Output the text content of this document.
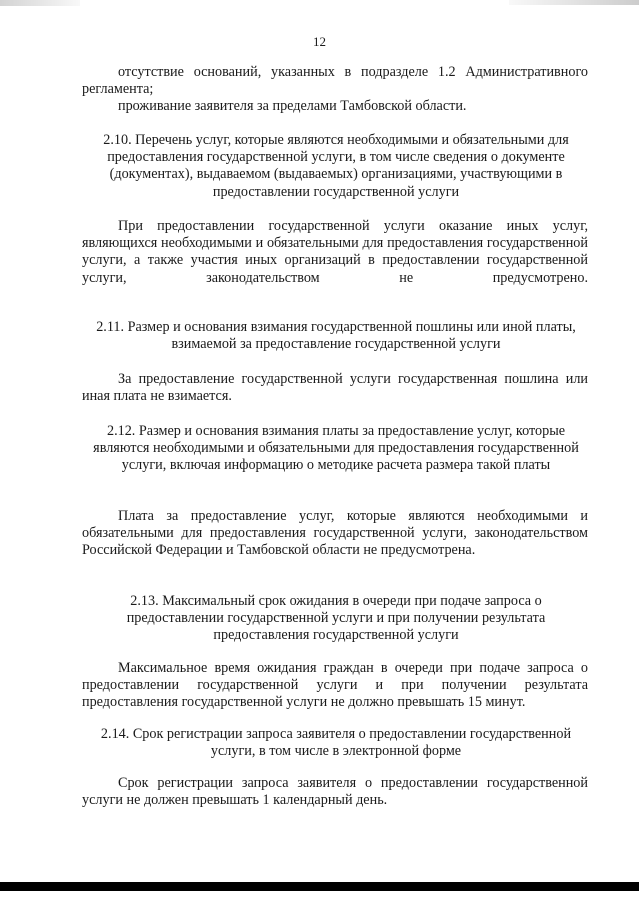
12

отсутствие оснований, указанных в подразделе 1.2 Административного регламента;

проживание заявителя за пределами Тамбовской области.

2.10. Перечень услуг, которые являются необходимыми и обязательными для предоставления государственной услуги, в том числе сведения о документе (документах), выдаваемом (выдаваемых) организациями, участвующими в предоставлении государственной услуги

При предоставлении государственной услуги оказание иных услуг, являющихся необходимыми и обязательными для предоставления государственной услуги, а также участия иных организаций в предоставлении государственной услуги, законодательством не предусмотрено.

2.11. Размер и основания взимания государственной пошлины или иной платы, взимаемой за предоставление государственной услуги

За предоставление государственной услуги государственная пошлина или иная плата не взимается.

2.12. Размер и основания взимания платы за предоставление услуг, которые являются необходимыми и обязательными для предоставления государственной услуги, включая информацию о методике расчета размера такой платы

Плата за предоставление услуг, которые являются необходимыми и обязательными для предоставления государственной услуги, законодательством Российской Федерации и Тамбовской области не предусмотрена.

2.13. Максимальный срок ожидания в очереди при подаче запроса о предоставлении государственной услуги и при получении результата предоставления государственной услуги

Максимальное время ожидания граждан в очереди при подаче запроса о предоставлении государственной услуги и при получении результата предоставления государственной услуги не должно превышать 15 минут.

2.14. Срок регистрации запроса заявителя о предоставлении государственной услуги, в том числе в электронной форме

Срок регистрации запроса заявителя о предоставлении государственной услуги не должен превышать 1 календарный день.
